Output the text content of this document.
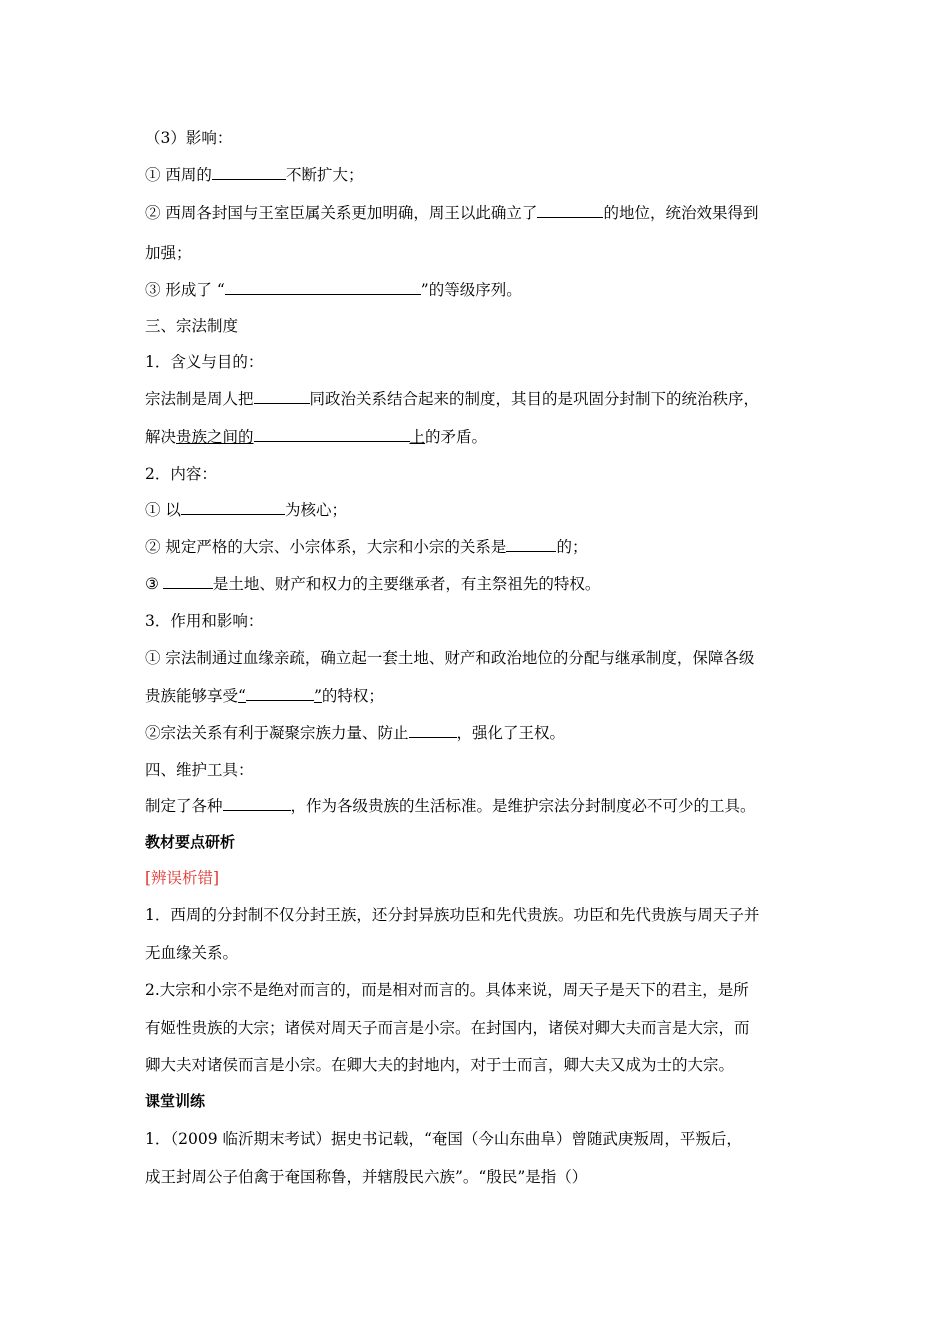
（3）影响：
① 西周的	不断扩大；
② 西周各封国与王室臣属关系更加明确，周王以此确立了	的地位，统治效果得到
加强；
③ 形成了 “	”的等级序列。
三、宗法制度
1．含义与目的：
宗法制是周人把	同政治关系结合起来的制度，其目的是巩固分封制下的统治秩序，
解决贵族之间的	上的矛盾。
2．内容：
① 以	为核心；
② 规定严格的大宗、小宗体系，大宗和小宗的关系是	的；
③	是土地、财产和权力的主要继承者，有主祭祖先的特权。
3．作用和影响：
① 宗法制通过血缘亲疏，确立起一套土地、财产和政治地位的分配与继承制度，保障各级
贵族能够享受“	”的特权；
②宗法关系有利于凝聚宗族力量、防止	，强化了王权。
四、维护工具：
制定了各种	，作为各级贵族的生活标准。是维护宗法分封制度必不可少的工具。
教材要点研析
[辨误析错]
1．西周的分封制不仅分封王族，还分封异族功臣和先代贵族。功臣和先代贵族与周天子并
无血缘关系。
2.大宗和小宗不是绝对而言的，而是相对而言的。具体来说，周天子是天下的君主，是所
有姬性贵族的大宗；诸侯对周天子而言是小宗。在封国内，诸侯对卿大夫而言是大宗，而
卿大夫对诸侯而言是小宗。在卿大夫的封地内，对于士而言，卿大夫又成为士的大宗。
课堂训练
1．（2009 临沂期末考试）据史书记载，“奄国（今山东曲阜）曾随武庚叛周，平叛后，
成王封周公子伯禽于奄国称鲁，并辖殷民六族”。“殷民”是指（）
